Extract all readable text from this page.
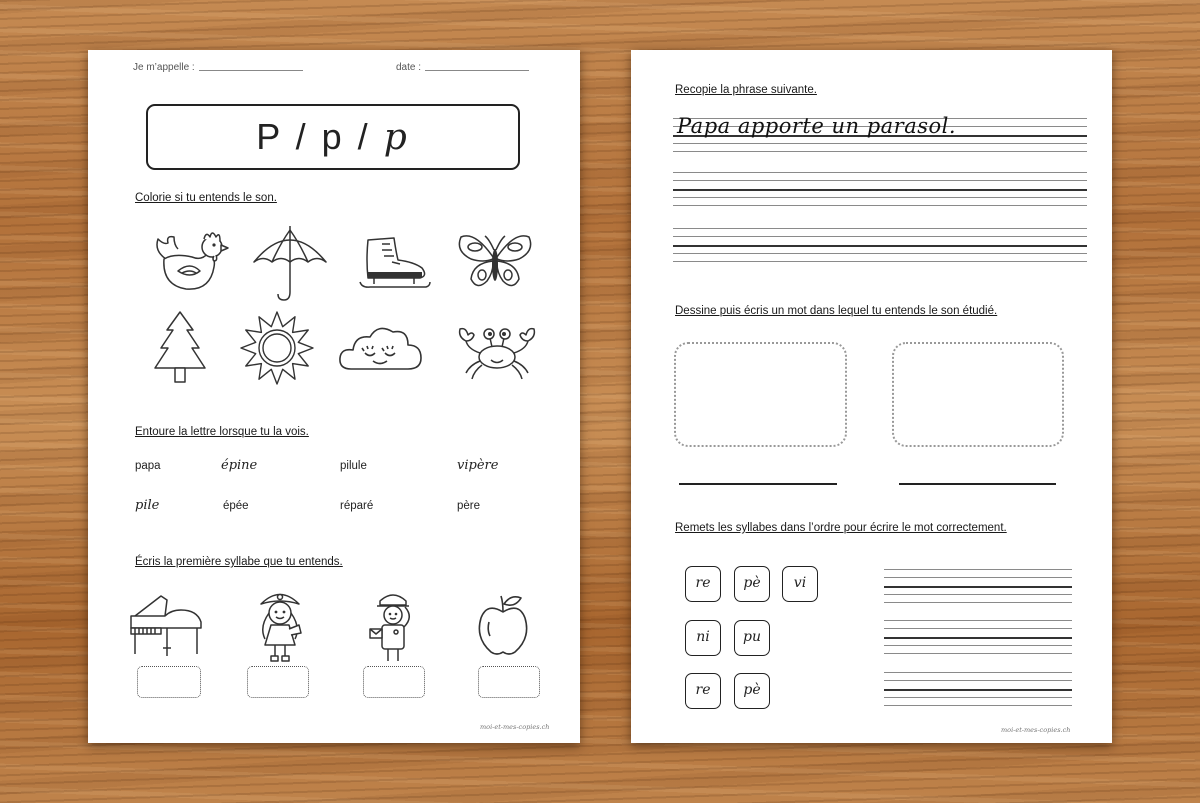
Je m’appelle :	date :
P / p / p
Colorie si tu entends le son.
Entoure la lettre lorsque tu la vois.
papa	épine	pilule	vipère
pile	épée	réparé	père
Écris la première syllabe que tu entends.
moi-et-mes-copies.ch
Recopie la phrase suivante.
Papa apporte un parasol.
Dessine puis écris un mot dans lequel tu entends le son étudié.
Remets les syllabes dans l’ordre pour écrire le mot correctement.
re	pè	vi
ni	pu
re	pè
moi-et-mes-copies.ch
